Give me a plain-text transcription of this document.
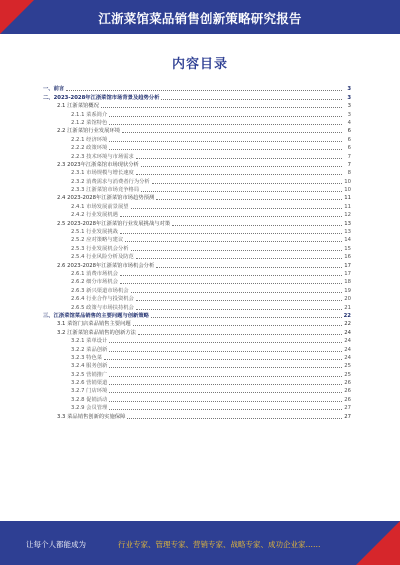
江浙菜馆菜品销售创新策略研究报告
内容目录
一、前言	3
二、2023-2028年江浙菜馆市场背景及趋势分析	3
2.1 江浙菜馆概况	3
2.1.1 菜系简介	3
2.1.2 菜馆特色	4
2.2 江浙菜馆行业发展环境	6
2.2.1 经济环境	6
2.2.2 政策环境	6
2.2.3 技术环境与市场需求	7
2.3 2023年江浙菜馆市场现状分析	7
2.3.1 市场规模与增长速度	8
2.3.2 消费需求与消费者行为分析	10
2.3.3 江浙菜馆市场竞争格局	10
2.4 2023-2028年江浙菜馆市场趋势预测	11
2.4.1 市场发展前景展望	11
2.4.2 行业发展机遇	12
2.5 2023-2028年江浙菜馆行业发展挑战与对策	13
2.5.1 行业发展挑战	13
2.5.2 应对策略与建议	14
2.5.3 行业发展机会分析	15
2.5.4 行业风险分析及防范	16
2.6 2023-2028年江浙菜馆市场机会分析	17
2.6.1 消费市场机会	17
2.6.2 细分市场机会	18
2.6.3 新兴渠道市场机会	19
2.6.4 行业合作与投资机会	20
2.6.5 政策与市场扶持机会	21
三、江浙菜馆菜品销售的主要问题与创新策略	22
3.1 菜馆门店菜品销售主要问题	22
3.2 江浙菜馆菜品销售的创新方法	24
3.2.1 菜单设计	24
3.2.2 菜品创新	24
3.2.3 特色菜	24
3.2.4 服务创新	25
3.2.5 营销推广	25
3.2.6 营销渠道	26
3.2.7 门店环境	26
3.2.8 促销活动	26
3.2.9 会员管理	27
3.3 菜品销售创新的实施保障	27
让每个人都能成为	行业专家、管理专家、营销专家、战略专家、成功企业家……
